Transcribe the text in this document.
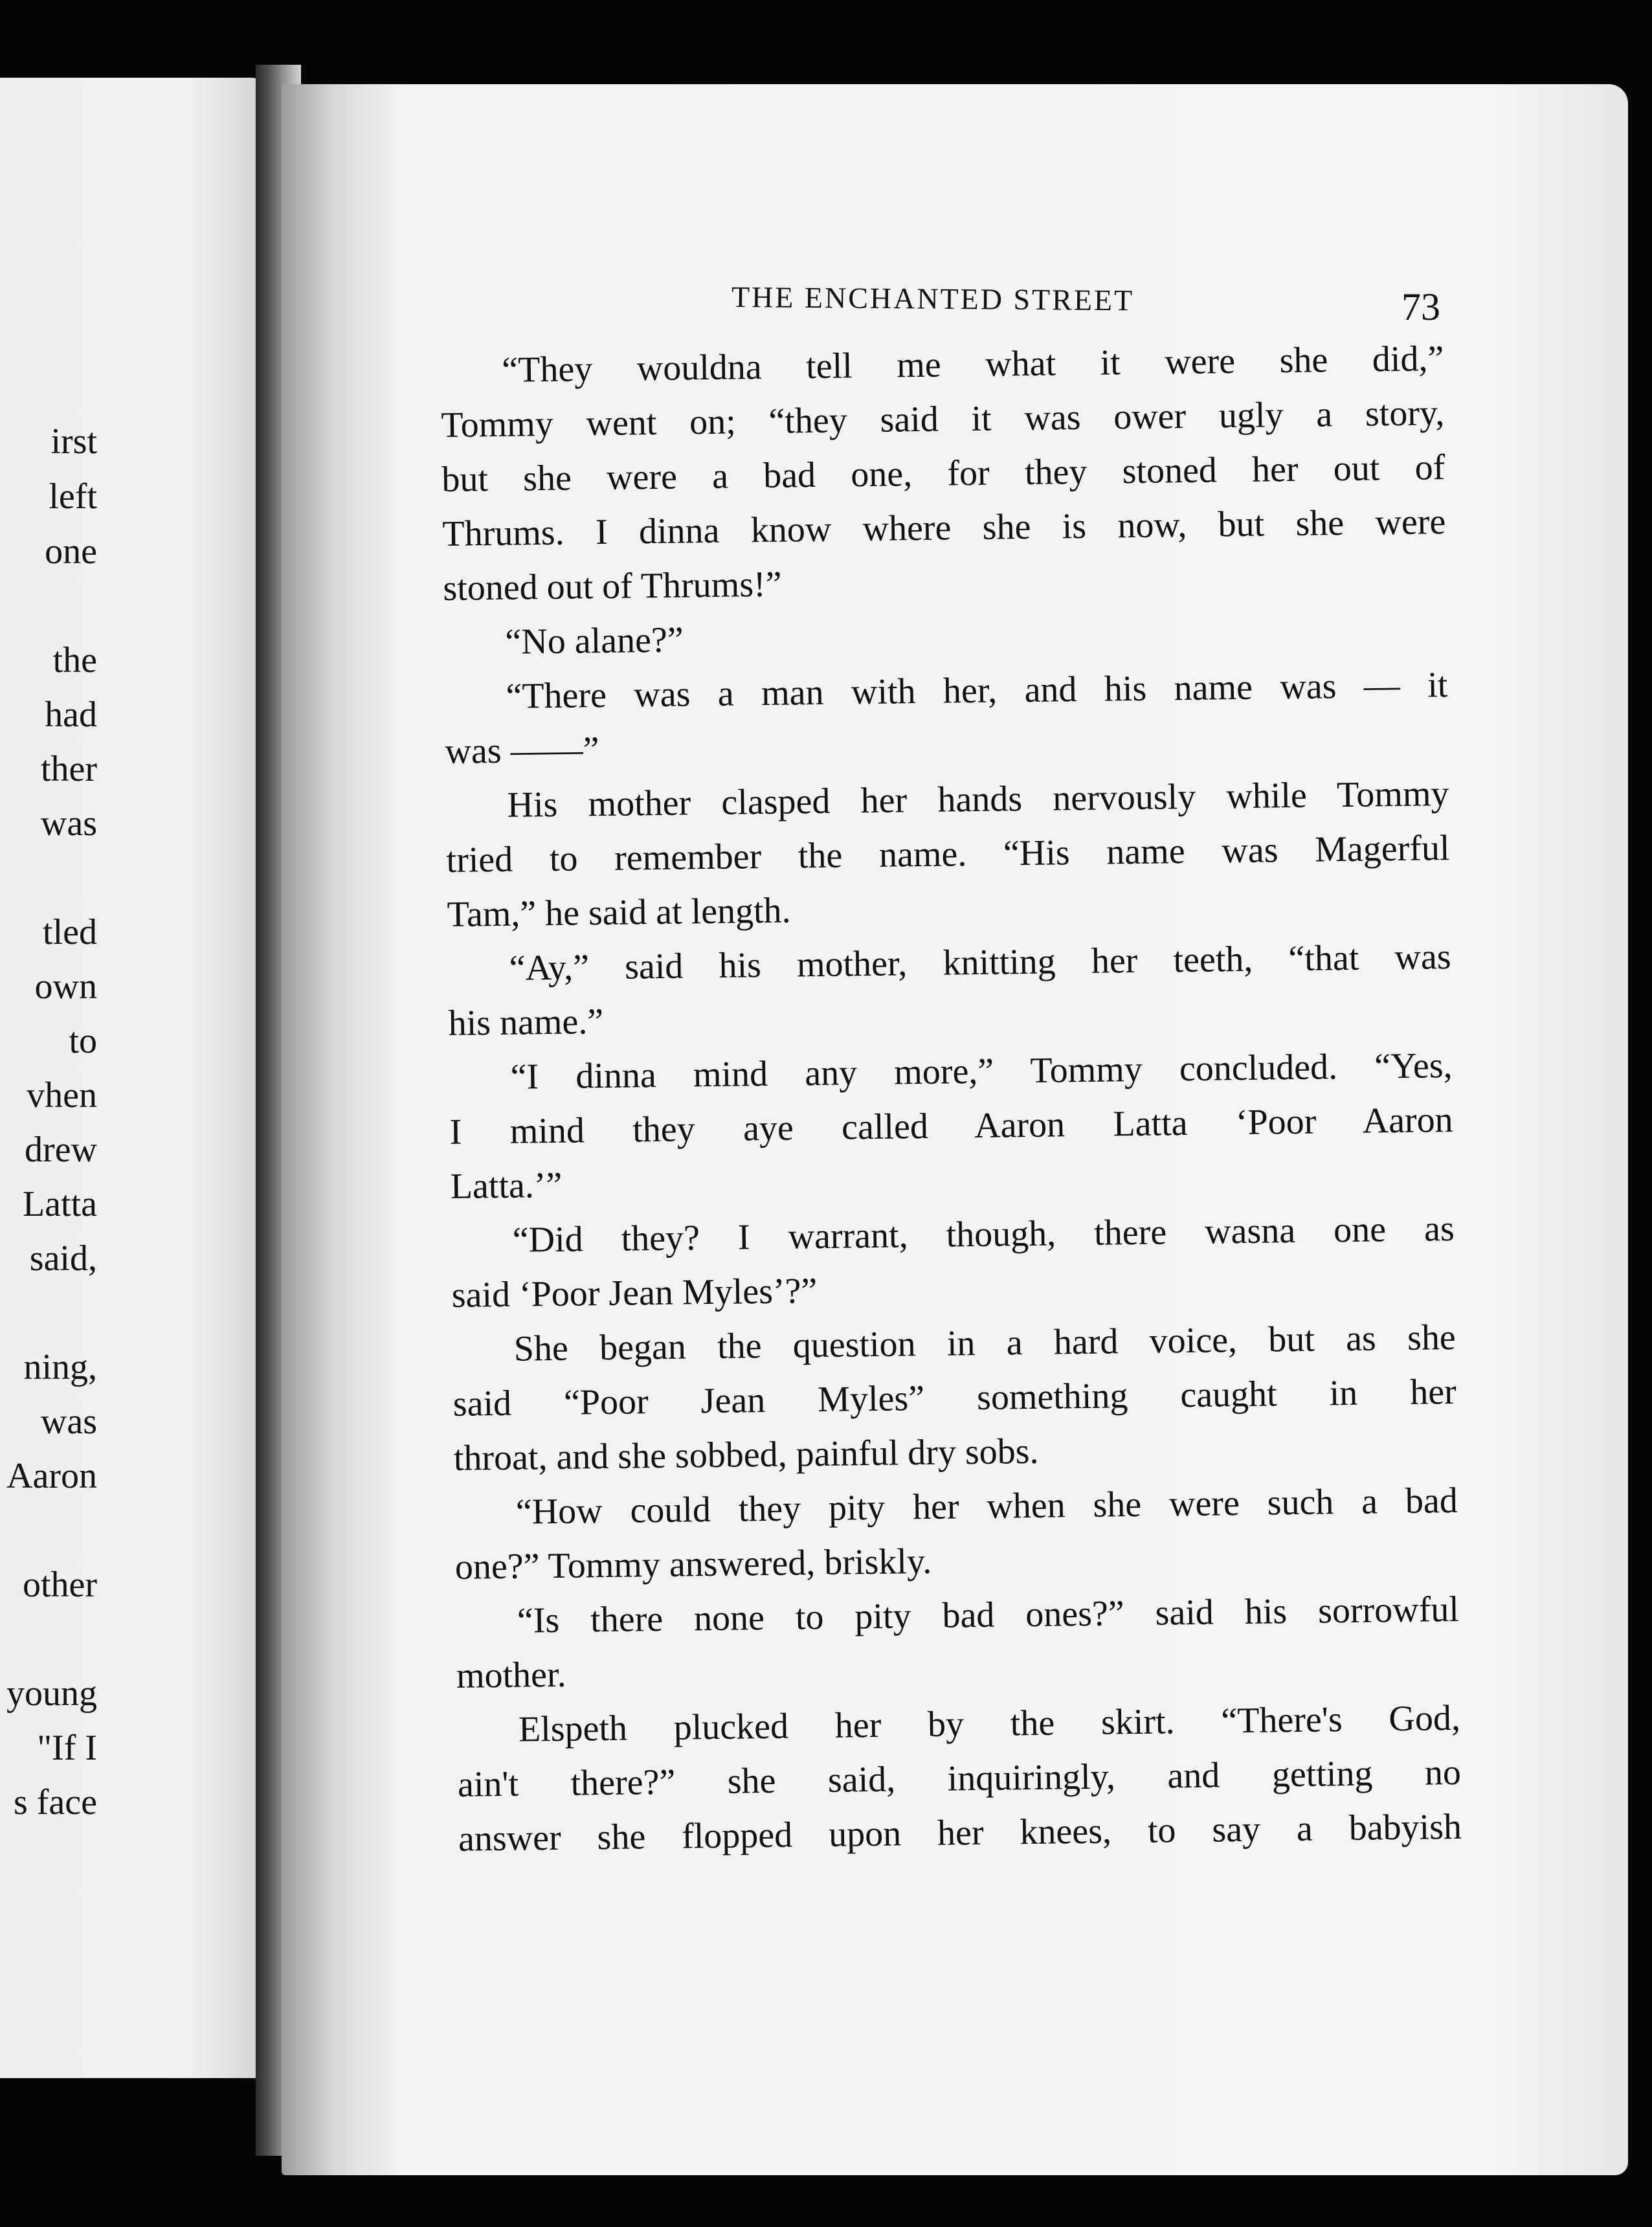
irst
left
one
the
had
ther
was
tled
own
to
vhen
drew
Latta
said,
ning,
was
Aaron
other
young
"If I
s face
THE ENCHANTED STREET	73
“They wouldna tell me what it were she did,”
Tommy went on; “they said it was ower ugly a story,
but she were a bad one, for they stoned her out of
Thrums. I dinna know where she is now, but she were
stoned out of Thrums!”
“No alane?”
“There was a man with her, and his name was — it
was ——”
His mother clasped her hands nervously while Tommy
tried to remember the name. “His name was Magerful
Tam,” he said at length.
“Ay,” said his mother, knitting her teeth, “that was
his name.”
“I dinna mind any more,” Tommy concluded. “Yes,
I mind they aye called Aaron Latta ‘Poor Aaron
Latta.’”
“Did they? I warrant, though, there wasna one as
said ‘Poor Jean Myles’?”
She began the question in a hard voice, but as she
said “Poor Jean Myles” something caught in her
throat, and she sobbed, painful dry sobs.
“How could they pity her when she were such a bad
one?” Tommy answered, briskly.
“Is there none to pity bad ones?” said his sorrowful
mother.
Elspeth plucked her by the skirt. “There's God,
ain't there?” she said, inquiringly, and getting no
answer she flopped upon her knees, to say a babyish
